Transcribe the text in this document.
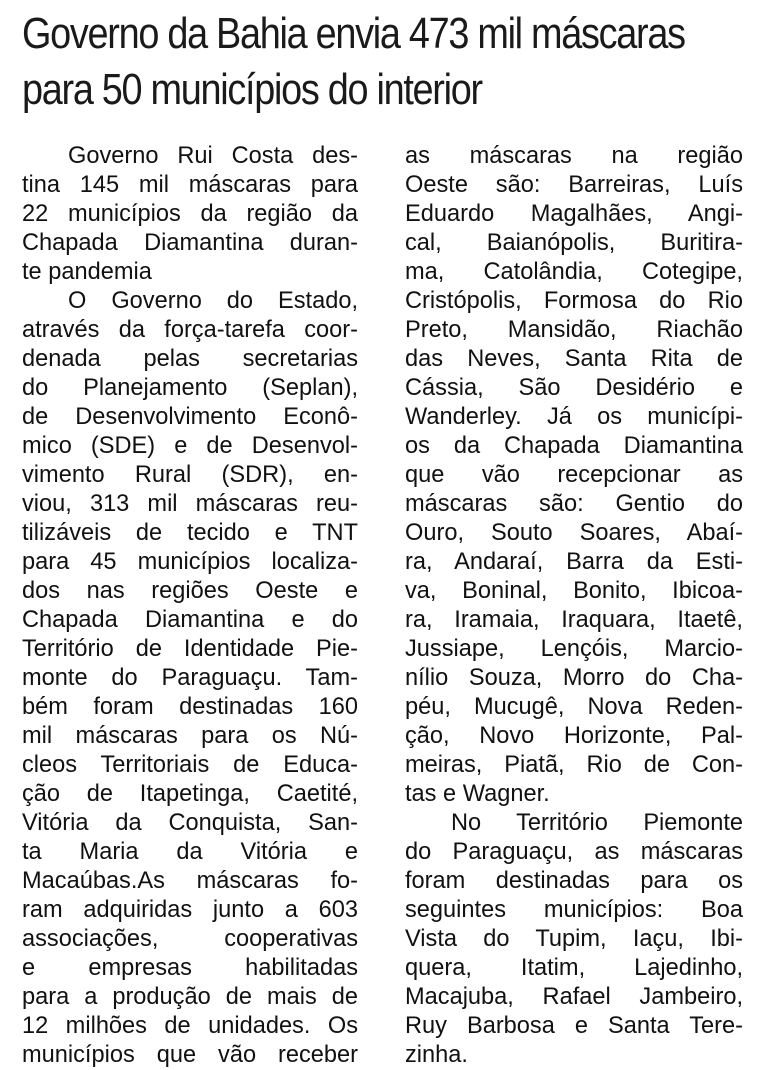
Governo da Bahia envia 473 mil máscaras
para 50 municípios do interior
Governo Rui Costa des-
tina 145 mil máscaras para
22 municípios da região da
Chapada Diamantina duran-
te pandemia
O Governo do Estado,
através da força-tarefa coor-
denada pelas secretarias
do Planejamento (Seplan),
de Desenvolvimento Econô-
mico (SDE) e de Desenvol-
vimento Rural (SDR), en-
viou, 313 mil máscaras reu-
tilizáveis de tecido e TNT
para 45 municípios localiza-
dos nas regiões Oeste e
Chapada Diamantina e do
Território de Identidade Pie-
monte do Paraguaçu. Tam-
bém foram destinadas 160
mil máscaras para os Nú-
cleos Territoriais de Educa-
ção de Itapetinga, Caetité,
Vitória da Conquista, San-
ta Maria da Vitória e
Macaúbas.As máscaras fo-
ram adquiridas junto a 603
associações, cooperativas
e empresas habilitadas
para a produção de mais de
12 milhões de unidades. Os
municípios que vão receber
as máscaras na região
Oeste são: Barreiras, Luís
Eduardo Magalhães, Angi-
cal, Baianópolis, Buritira-
ma, Catolândia, Cotegipe,
Cristópolis, Formosa do Rio
Preto, Mansidão, Riachão
das Neves, Santa Rita de
Cássia, São Desidério e
Wanderley. Já os municípi-
os da Chapada Diamantina
que vão recepcionar as
máscaras são: Gentio do
Ouro, Souto Soares, Abaí-
ra, Andaraí, Barra da Esti-
va, Boninal, Bonito, Ibicoa-
ra, Iramaia, Iraquara, Itaetê,
Jussiape, Lençóis, Marcio-
nílio Souza, Morro do Cha-
péu, Mucugê, Nova Reden-
ção, Novo Horizonte, Pal-
meiras, Piatã, Rio de Con-
tas e Wagner.
No Território Piemonte
do Paraguaçu, as máscaras
foram destinadas para os
seguintes municípios: Boa
Vista do Tupim, Iaçu, Ibi-
quera, Itatim, Lajedinho,
Macajuba, Rafael Jambeiro,
Ruy Barbosa e Santa Tere-
zinha.
